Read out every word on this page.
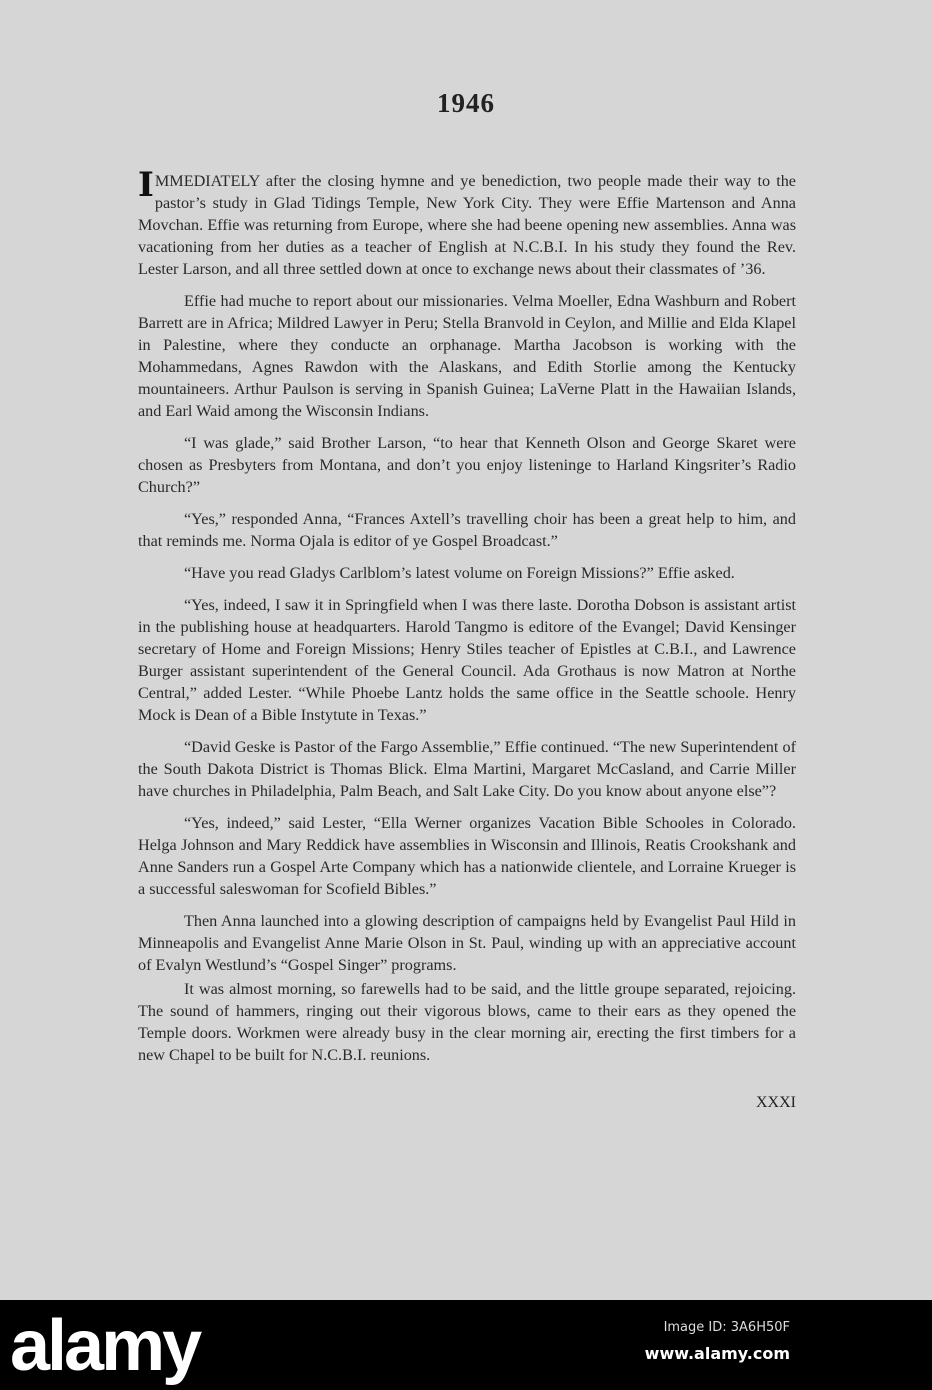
1946

IMMEDIATELY after the closing hymne and ye benediction, two people made their way to the pastor’s study in Glad Tidings Temple, New York City. They were Effie Martenson and Anna Movchan. Effie was returning from Europe, where she had beene opening new assemblies. Anna was vacationing from her duties as a teacher of English at N.C.B.I. In his study they found the Rev. Lester Larson, and all three settled down at once to exchange news about their classmates of ’36.

Effie had muche to report about our missionaries. Velma Moeller, Edna Washburn and Robert Barrett are in Africa; Mildred Lawyer in Peru; Stella Branvold in Ceylon, and Millie and Elda Klapel in Palestine, where they conducte an orphanage. Martha Jacobson is working with the Mohammedans, Agnes Rawdon with the Alaskans, and Edith Storlie among the Kentucky mountaineers. Arthur Paulson is serving in Spanish Guinea; LaVerne Platt in the Hawaiian Islands, and Earl Waid among the Wisconsin Indians.

“I was glade,” said Brother Larson, “to hear that Kenneth Olson and George Skaret were chosen as Presbyters from Montana, and don’t you enjoy listeninge to Harland Kingsriter’s Radio Church?”

“Yes,” responded Anna, “Frances Axtell’s travelling choir has been a great help to him, and that reminds me. Norma Ojala is editor of ye Gospel Broadcast.”

“Have you read Gladys Carlblom’s latest volume on Foreign Missions?” Effie asked.

“Yes, indeed, I saw it in Springfield when I was there laste. Dorotha Dobson is assistant artist in the publishing house at headquarters. Harold Tangmo is editore of the Evangel; David Kensinger secretary of Home and Foreign Missions; Henry Stiles teacher of Epistles at C.B.I., and Lawrence Burger assistant superintendent of the General Council. Ada Grothaus is now Matron at Northe Central,” added Lester. “While Phoebe Lantz holds the same office in the Seattle schoole. Henry Mock is Dean of a Bible Instytute in Texas.”

“David Geske is Pastor of the Fargo Assemblie,” Effie continued. “The new Superintendent of the South Dakota District is Thomas Blick. Elma Martini, Margaret McCasland, and Carrie Miller have churches in Philadelphia, Palm Beach, and Salt Lake City. Do you know about anyone else”?

“Yes, indeed,” said Lester, “Ella Werner organizes Vacation Bible Schooles in Colorado. Helga Johnson and Mary Reddick have assemblies in Wisconsin and Illinois, Reatis Crookshank and Anne Sanders run a Gospel Arte Company which has a nationwide clientele, and Lorraine Krueger is a successful saleswoman for Scofield Bibles.”

Then Anna launched into a glowing description of campaigns held by Evangelist Paul Hild in Minneapolis and Evangelist Anne Marie Olson in St. Paul, winding up with an appreciative account of Evalyn Westlund’s “Gospel Singer” programs.

It was almost morning, so farewells had to be said, and the little groupe separated, rejoicing. The sound of hammers, ringing out their vigorous blows, came to their ears as they opened the Temple doors. Workmen were already busy in the clear morning air, erecting the first timbers for a new Chapel to be built for N.C.B.I. reunions.

XXXI
alamy	Image ID: 3A6H50F
www.alamy.com
